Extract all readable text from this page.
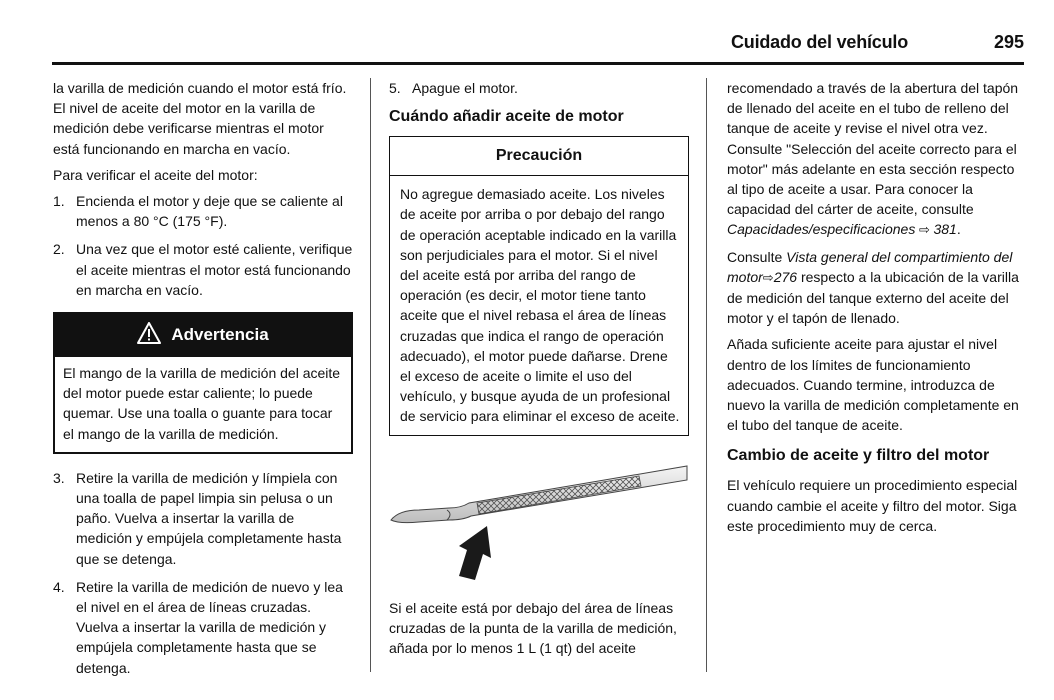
Cuidado del vehículo	295

la varilla de medición cuando el motor está frío. El nivel de aceite del motor en la varilla de medición debe verificarse mientras el motor está funcionando en marcha en vacío.

Para verificar el aceite del motor:

1. Encienda el motor y deje que se caliente al menos a 80 °C (175 °F).
2. Una vez que el motor esté caliente, verifique el aceite mientras el motor está funcionando en marcha en vacío.
Advertencia
El mango de la varilla de medición del aceite del motor puede estar caliente; lo puede quemar. Use una toalla o guante para tocar el mango de la varilla de medición.
3. Retire la varilla de medición y límpiela con una toalla de papel limpia sin pelusa o un paño. Vuelva a insertar la varilla de medición y empújela completamente hasta que se detenga.
4. Retire la varilla de medición de nuevo y lea el nivel en el área de líneas cruzadas. Vuelva a insertar la varilla de medición y empújela completamente hasta que se detenga.
5. Apague el motor.
Cuándo añadir aceite de motor
Precaución
No agregue demasiado aceite. Los niveles de aceite por arriba o por debajo del rango de operación aceptable indicado en la varilla son perjudiciales para el motor. Si el nivel del aceite está por arriba del rango de operación (es decir, el motor tiene tanto aceite que el nivel rebasa el área de líneas cruzadas que indica el rango de operación adecuado), el motor puede dañarse. Drene el exceso de aceite o limite el uso del vehículo, y busque ayuda de un profesional de servicio para eliminar el exceso de aceite.

Si el aceite está por debajo del área de líneas cruzadas de la punta de la varilla de medición, añada por lo menos 1 L (1 qt) del aceite

recomendado a través de la abertura del tapón de llenado del aceite en el tubo de relleno del tanque de aceite y revise el nivel otra vez. Consulte "Selección del aceite correcto para el motor" más adelante en esta sección respecto al tipo de aceite a usar. Para conocer la capacidad del cárter de aceite, consulte Capacidades/especificaciones ⇨ 381.

Consulte Vista general del compartimiento del motor⇨276 respecto a la ubicación de la varilla de medición del tanque externo del aceite del motor y el tapón de llenado.

Añada suficiente aceite para ajustar el nivel dentro de los límites de funcionamiento adecuados. Cuando termine, introduzca de nuevo la varilla de medición completamente en el tubo del tanque de aceite.

Cambio de aceite y filtro del motor

El vehículo requiere un procedimiento especial cuando cambie el aceite y filtro del motor. Siga este procedimiento muy de cerca.
